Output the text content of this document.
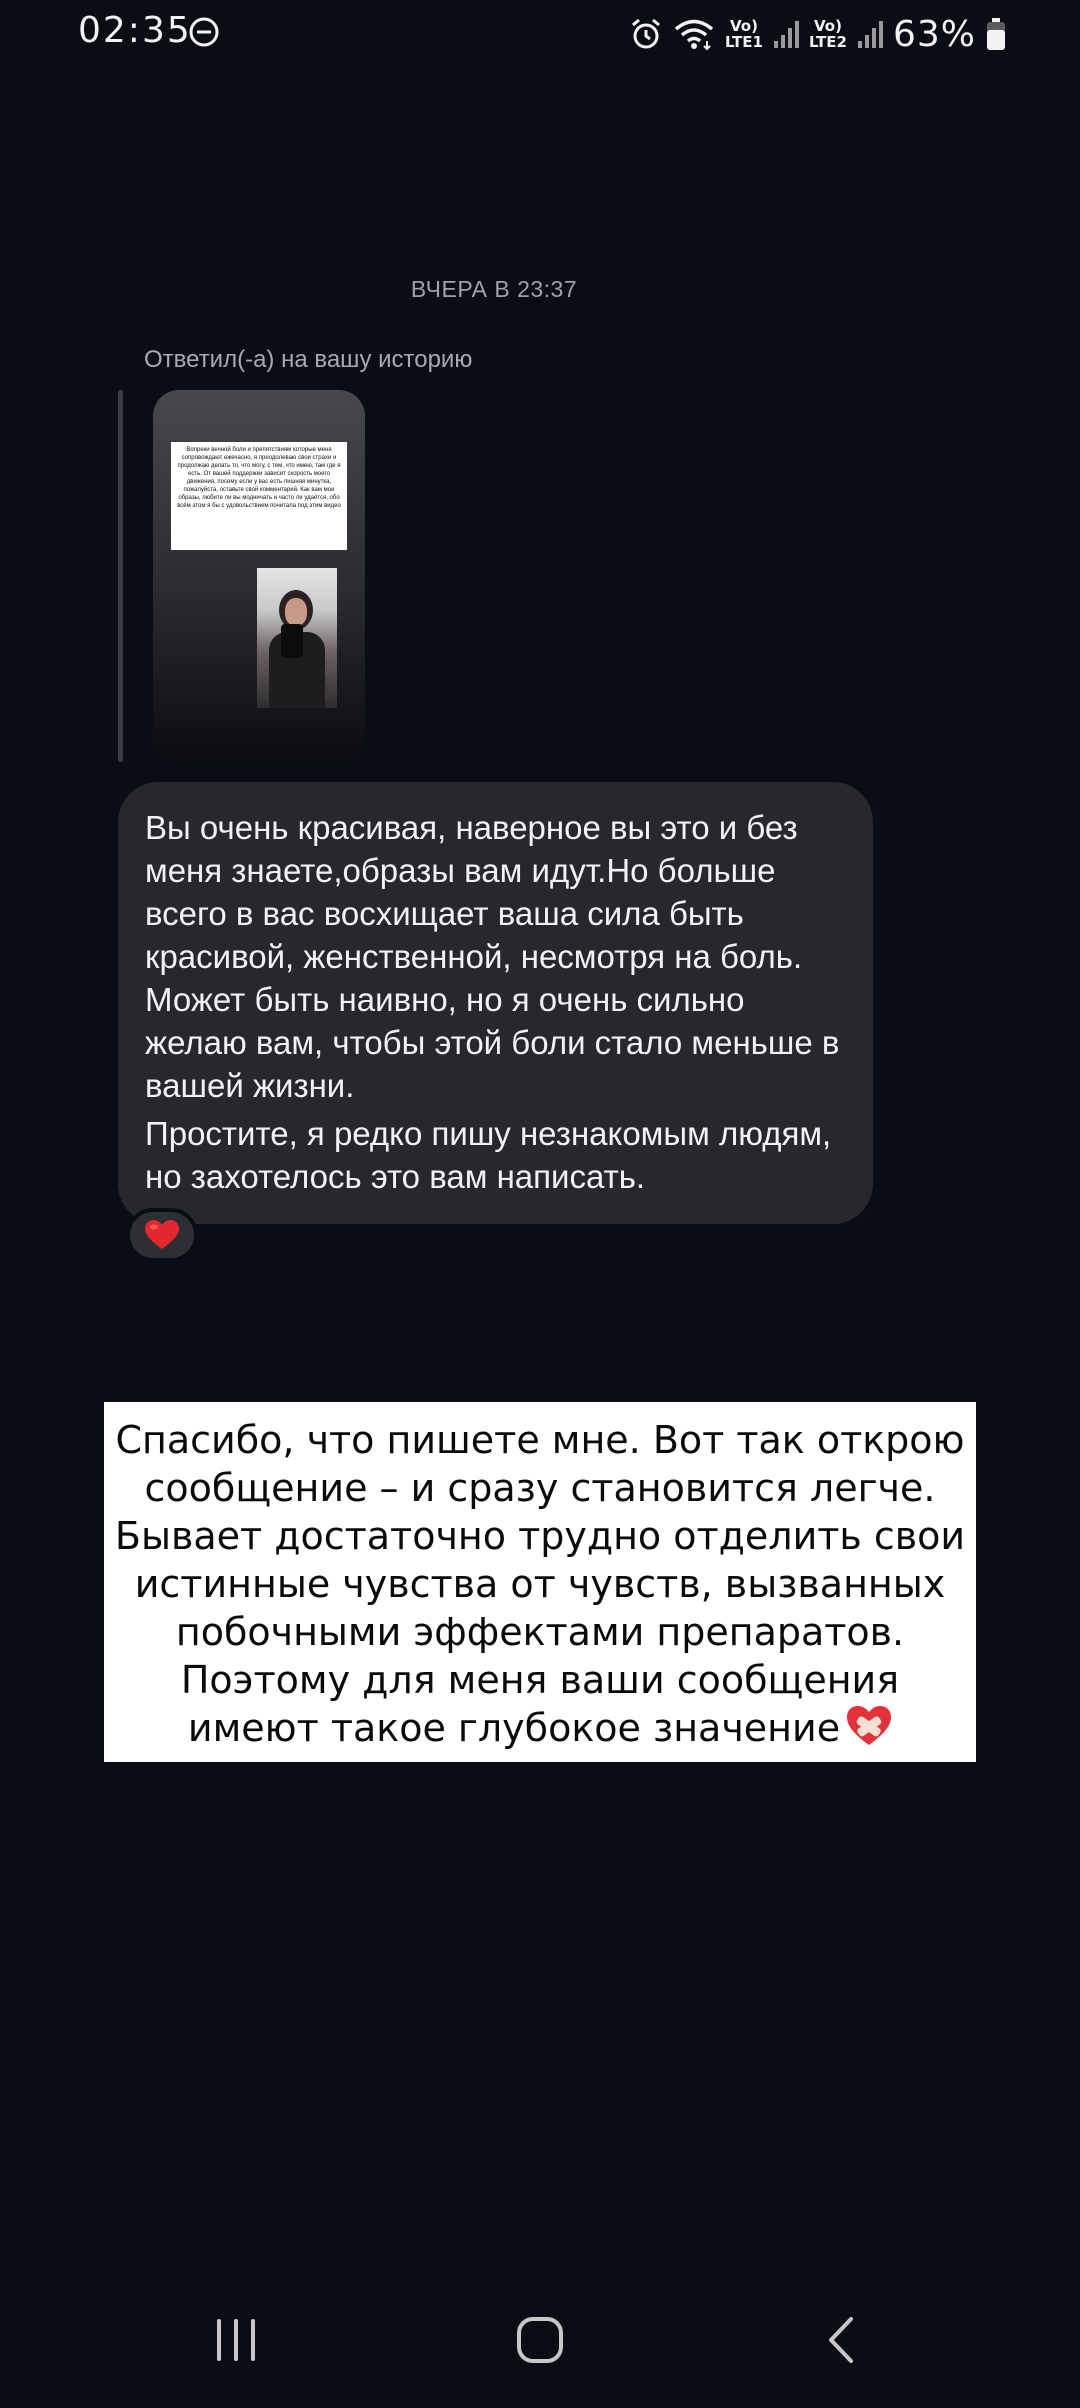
02:35	Vo)
LTE1
Vo)
LTE2 63%
ВЧЕРА В 23:37
Ответил(-а) на вашу историю
Вопреки вечной боли и препятствиям которые меня сопровождают ежечасно, я преодолеваю свои страхи и продолжаю делать то, что могу, с тем, что имею, там где я есть. От вашей поддержки зависит скорость моего движения, посему если у вас есть лишняя минутка, пожалуйста, оставьте свой комментарий. Как вам мои образы, любите ли вы модничать и часто ли удаётся, обо всём этом я бы с удовольствием почитала под этим видео

Вы очень красивая, наверное вы это и без меня знаете,образы вам идут.Но больше всего в вас восхищает ваша сила быть красивой, женственной, несмотря на боль. Может быть наивно, но я очень сильно желаю вам, чтобы этой боли стало меньше в вашей жизни.

Простите, я редко пишу незнакомым людям, но захотелось это вам написать.

Спасибо, что пишете мне. Вот так открою сообщение – и сразу становится легче. Бывает достаточно трудно отделить свои истинные чувства от чувств, вызванных побочными эффектами препаратов. Поэтому для меня ваши сообщения имеют такое глубокое значение
